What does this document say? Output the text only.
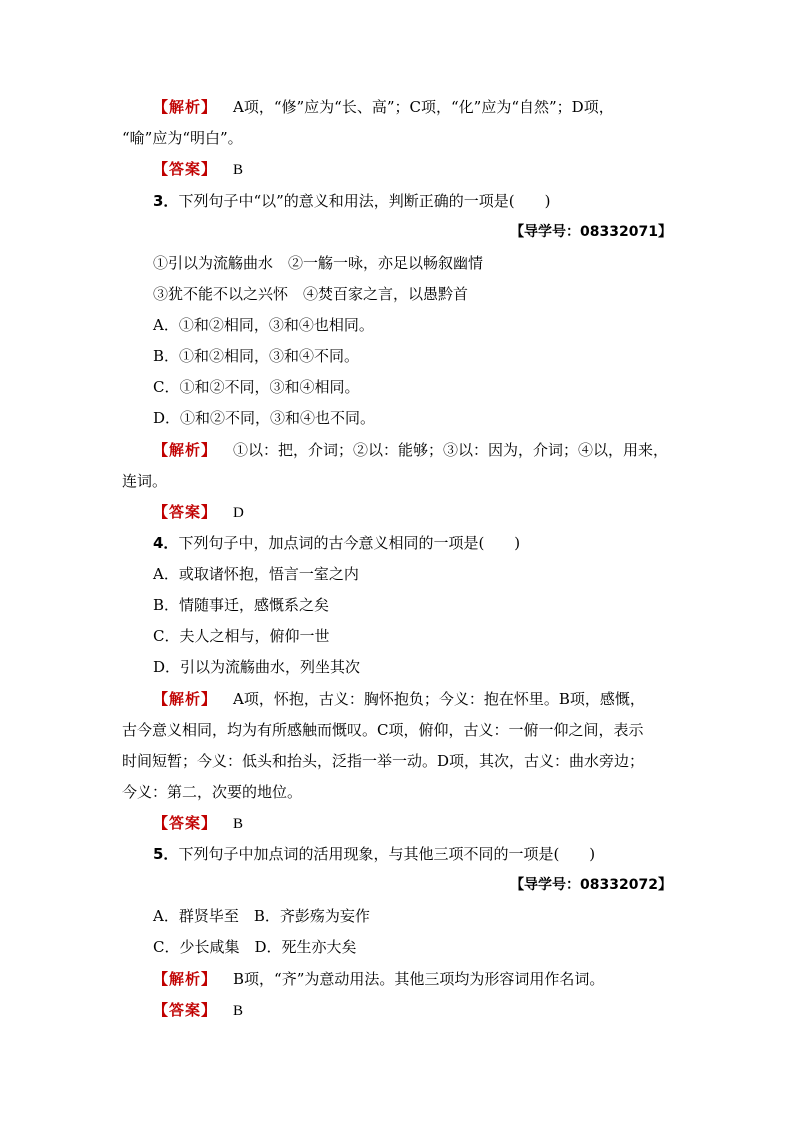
【解析】 A项，“修”应为“长、高”；C项，“化”应为“自然”；D项，
“喻”应为“明白”。
【答案】 B
3．下列句子中“以”的意义和用法，判断正确的一项是(　　)
【导学号：08332071】
①引以为流觞曲水　②一觞一咏，亦足以畅叙幽情
③犹不能不以之兴怀　④焚百家之言，以愚黔首
A．①和②相同，③和④也相同。
B．①和②相同，③和④不同。
C．①和②不同，③和④相同。
D．①和②不同，③和④也不同。
【解析】 ①以：把，介词；②以：能够；③以：因为，介词；④以，用来，
连词。
【答案】 D
4．下列句子中，加点词的古今意义相同的一项是(　　)
A．或取诸怀抱，悟言一室之内
B．情随事迁，感慨系之矣
C．夫人之相与，俯仰一世
D．引以为流觞曲水，列坐其次
【解析】 A项，怀抱，古义：胸怀抱负；今义：抱在怀里。B项，感慨，
古今意义相同，均为有所感触而慨叹。C项，俯仰，古义：一俯一仰之间，表示
时间短暂；今义：低头和抬头，泛指一举一动。D项，其次，古义：曲水旁边；
今义：第二，次要的地位。
【答案】 B
5．下列句子中加点词的活用现象，与其他三项不同的一项是(　　)
【导学号：08332072】
A．群贤毕至　B．齐彭殇为妄作
C．少长咸集　D．死生亦大矣
【解析】 B项，“齐”为意动用法。其他三项均为形容词用作名词。
【答案】 B
